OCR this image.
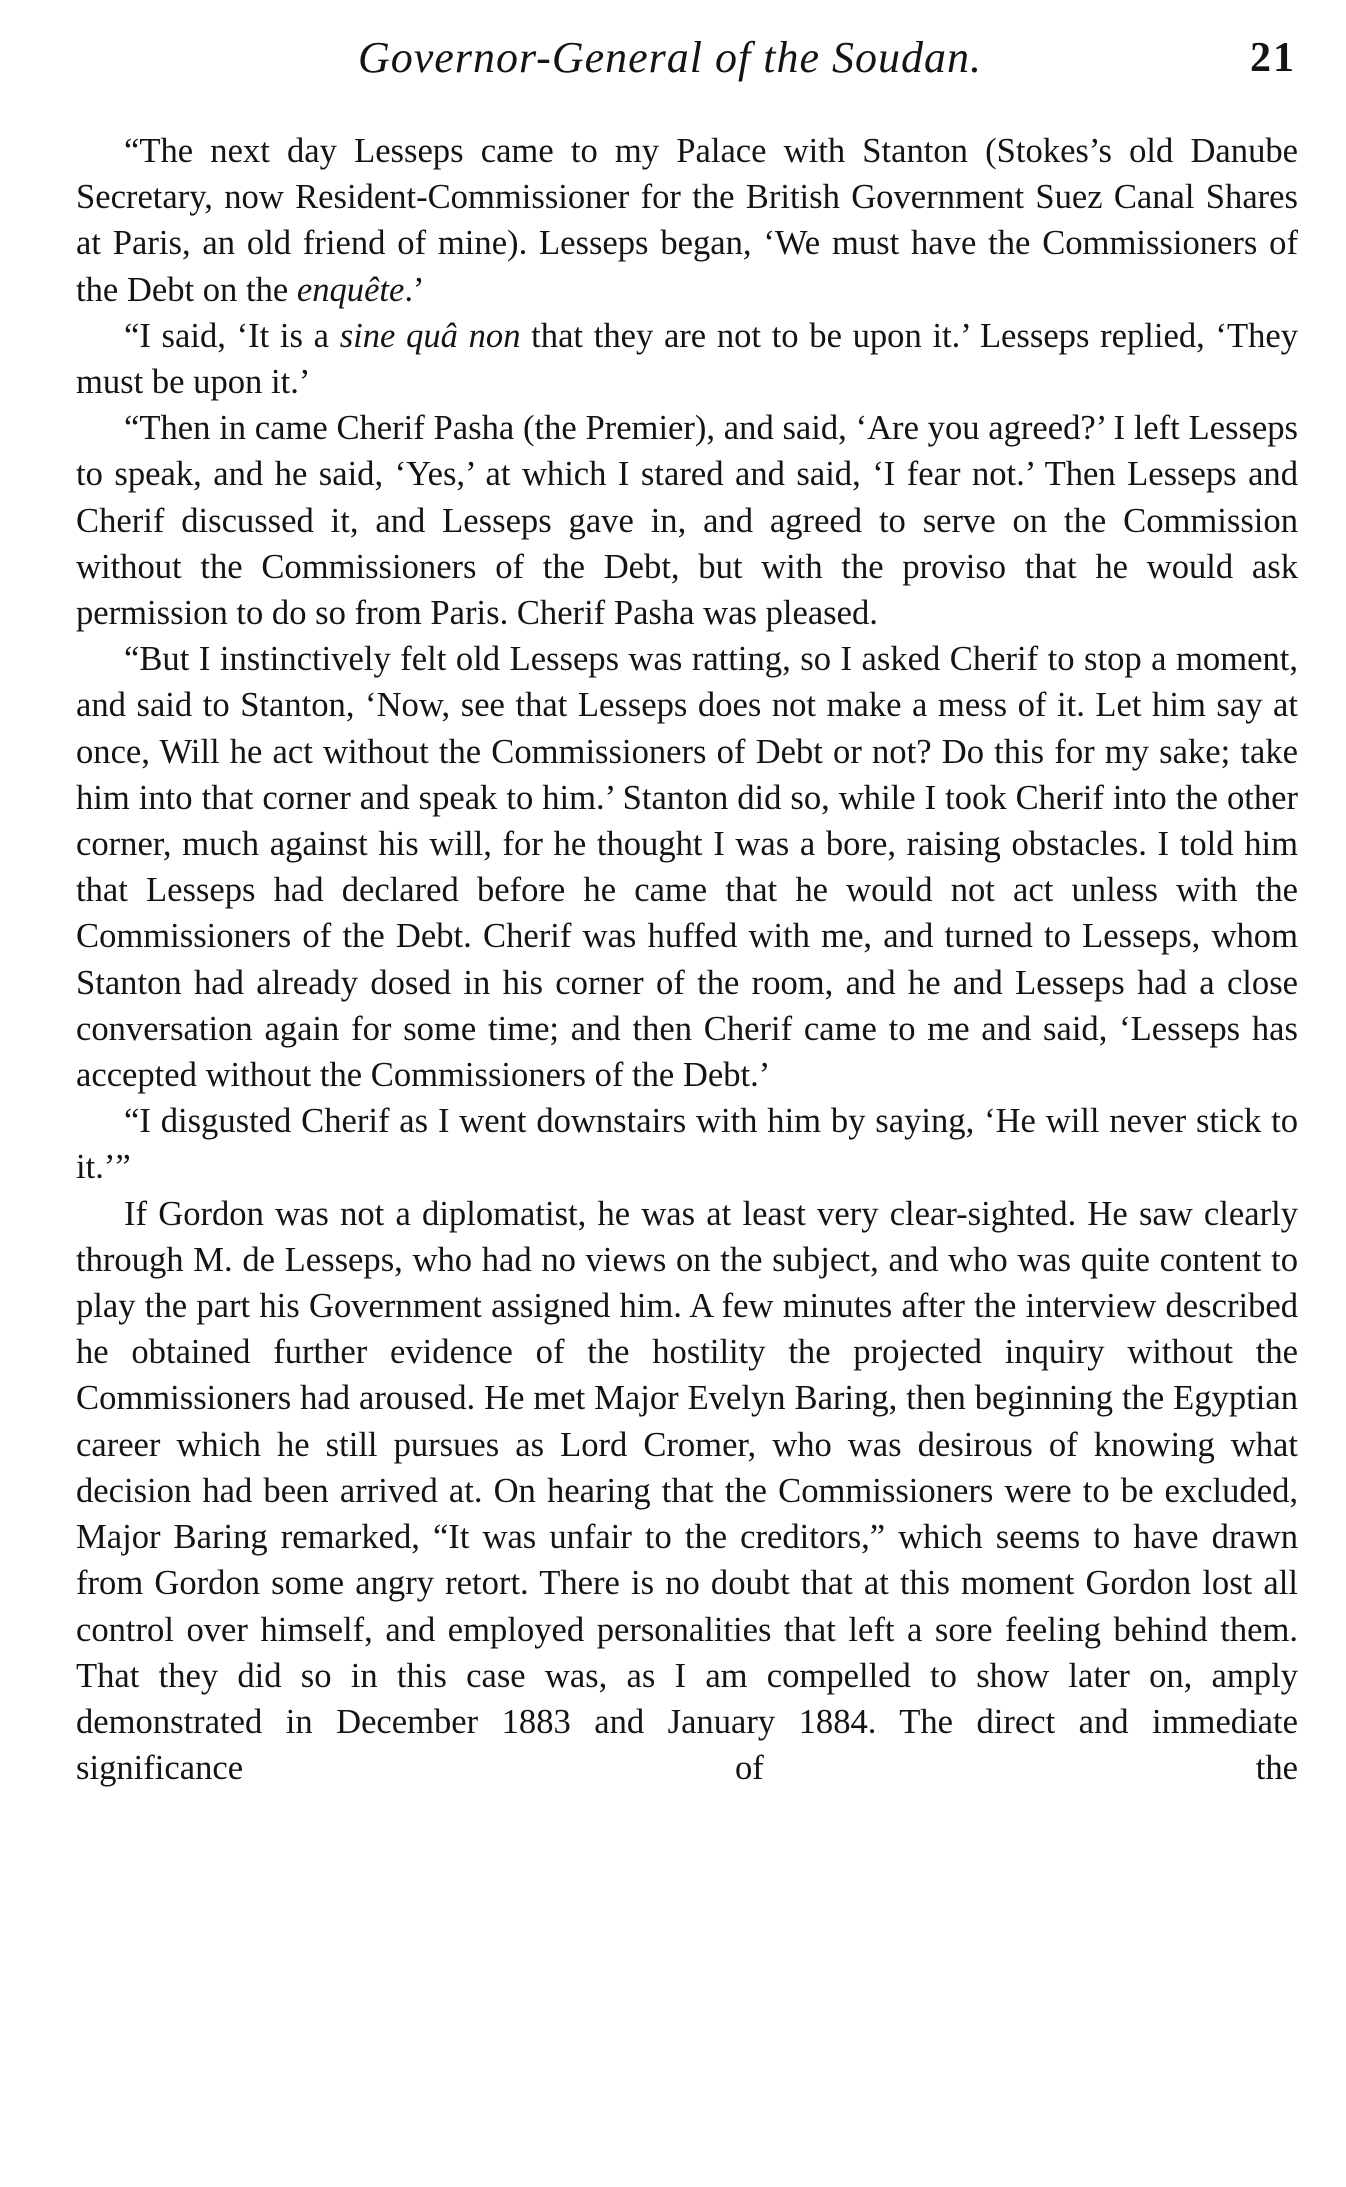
Governor-General of the Soudan.	21

“The next day Lesseps came to my Palace with Stanton (Stokes’s old Danube Secretary, now Resident-Commissioner for the British Government Suez Canal Shares at Paris, an old friend of mine). Lesseps began, ‘We must have the Commissioners of the Debt on the enquête.’

“I said, ‘It is a sine quâ non that they are not to be upon it.’ Lesseps replied, ‘They must be upon it.’

“Then in came Cherif Pasha (the Premier), and said, ‘Are you agreed?’ I left Lesseps to speak, and he said, ‘Yes,’ at which I stared and said, ‘I fear not.’ Then Lesseps and Cherif discussed it, and Lesseps gave in, and agreed to serve on the Commission without the Commissioners of the Debt, but with the proviso that he would ask permission to do so from Paris. Cherif Pasha was pleased.

“But I instinctively felt old Lesseps was ratting, so I asked Cherif to stop a moment, and said to Stanton, ‘Now, see that Lesseps does not make a mess of it. Let him say at once, Will he act without the Commissioners of Debt or not? Do this for my sake; take him into that corner and speak to him.’ Stanton did so, while I took Cherif into the other corner, much against his will, for he thought I was a bore, raising obstacles. I told him that Lesseps had declared before he came that he would not act unless with the Commissioners of the Debt. Cherif was huffed with me, and turned to Lesseps, whom Stanton had already dosed in his corner of the room, and he and Lesseps had a close conversation again for some time; and then Cherif came to me and said, ‘Lesseps has accepted without the Commissioners of the Debt.’

“I disgusted Cherif as I went downstairs with him by saying, ‘He will never stick to it.’”

If Gordon was not a diplomatist, he was at least very clear-sighted. He saw clearly through M. de Lesseps, who had no views on the subject, and who was quite content to play the part his Government assigned him. A few minutes after the interview described he obtained further evidence of the hostility the projected inquiry without the Commissioners had aroused. He met Major Evelyn Baring, then beginning the Egyptian career which he still pursues as Lord Cromer, who was desirous of knowing what decision had been arrived at. On hearing that the Commissioners were to be excluded, Major Baring remarked, “It was unfair to the creditors,” which seems to have drawn from Gordon some angry retort. There is no doubt that at this moment Gordon lost all control over himself, and employed personalities that left a sore feeling behind them. That they did so in this case was, as I am compelled to show later on, amply demonstrated in December 1883 and January 1884. The direct and immediate significance of the
